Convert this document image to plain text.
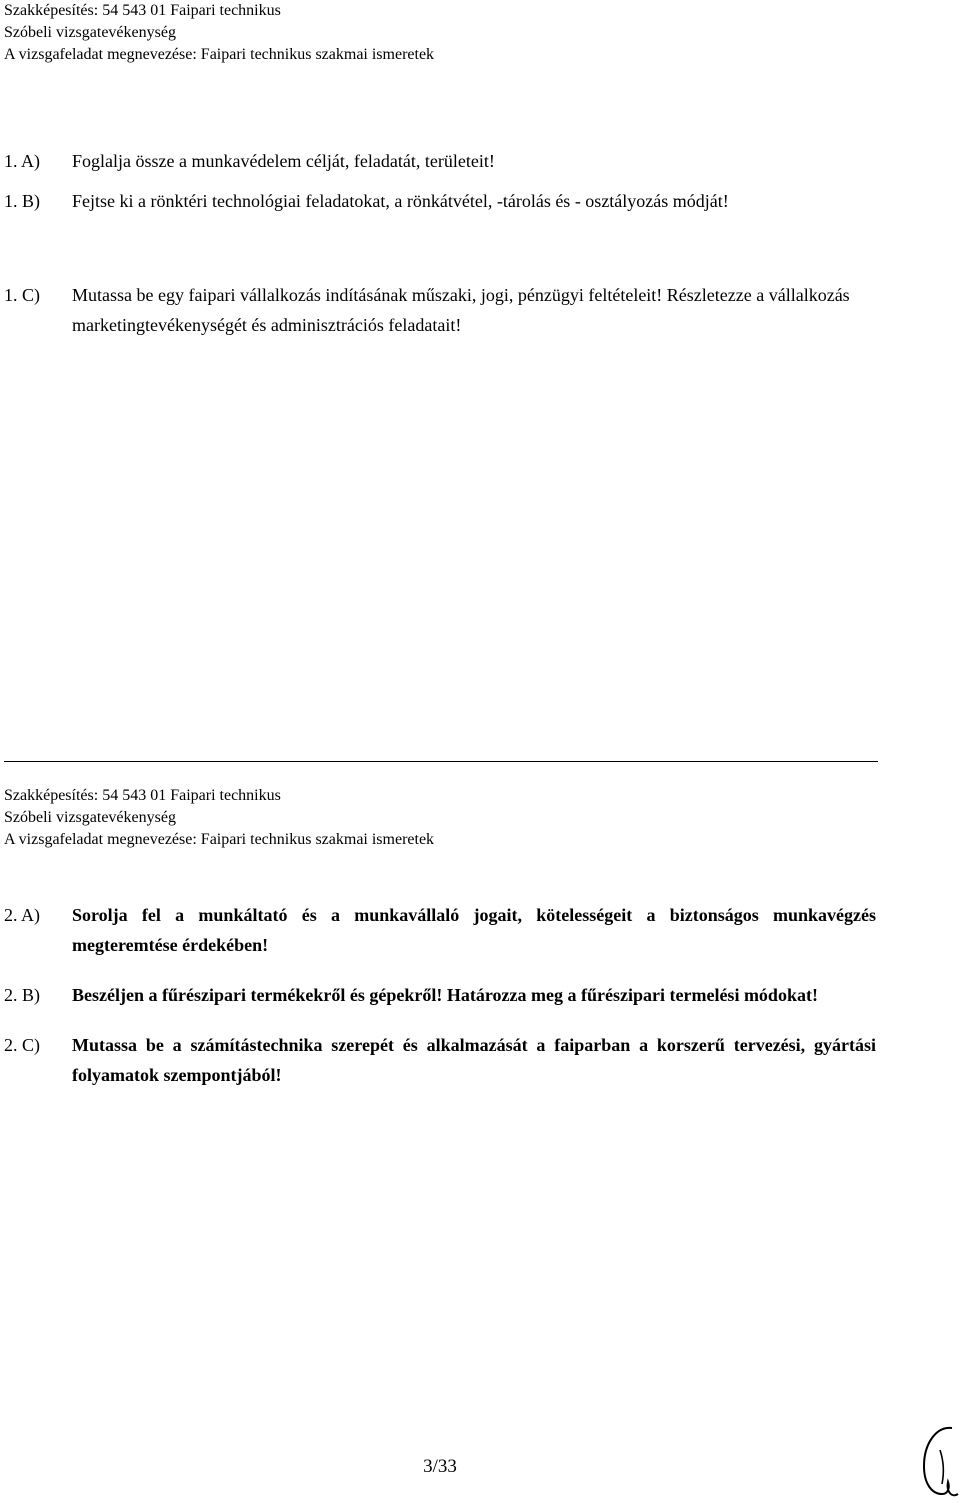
Szakképesítés: 54 543 01 Faipari technikus
Szóbeli vizsgatevékenység
A vizsgafeladat megnevezése: Faipari technikus szakmai ismeretek
1. A)	Foglalja össze a munkavédelem célját, feladatát, területeit!
1. B)	Fejtse ki a rönktéri technológiai feladatokat, a rönkátvétel, -tárolás és - osztályozás módját!
1. C)	Mutassa be egy faipari vállalkozás indításának műszaki, jogi, pénzügyi feltételeit! Részletezze a vállalkozás marketingtevékenységét és adminisztrációs feladatait!
Szakképesítés: 54 543 01 Faipari technikus
Szóbeli vizsgatevékenység
A vizsgafeladat megnevezése: Faipari technikus szakmai ismeretek
2. A)	Sorolja fel a munkáltató és a munkavállaló jogait, kötelességeit a biztonságos munkavégzés megteremtése érdekében!
2. B)	Beszéljen a fűrészipari termékekről és gépekről! Határozza meg a fűrészipari termelési módokat!
2. C)	Mutassa be a számítástechnika szerepét és alkalmazását a faiparban a korszerű tervezési, gyártási folyamatok szempontjából!
3/33
